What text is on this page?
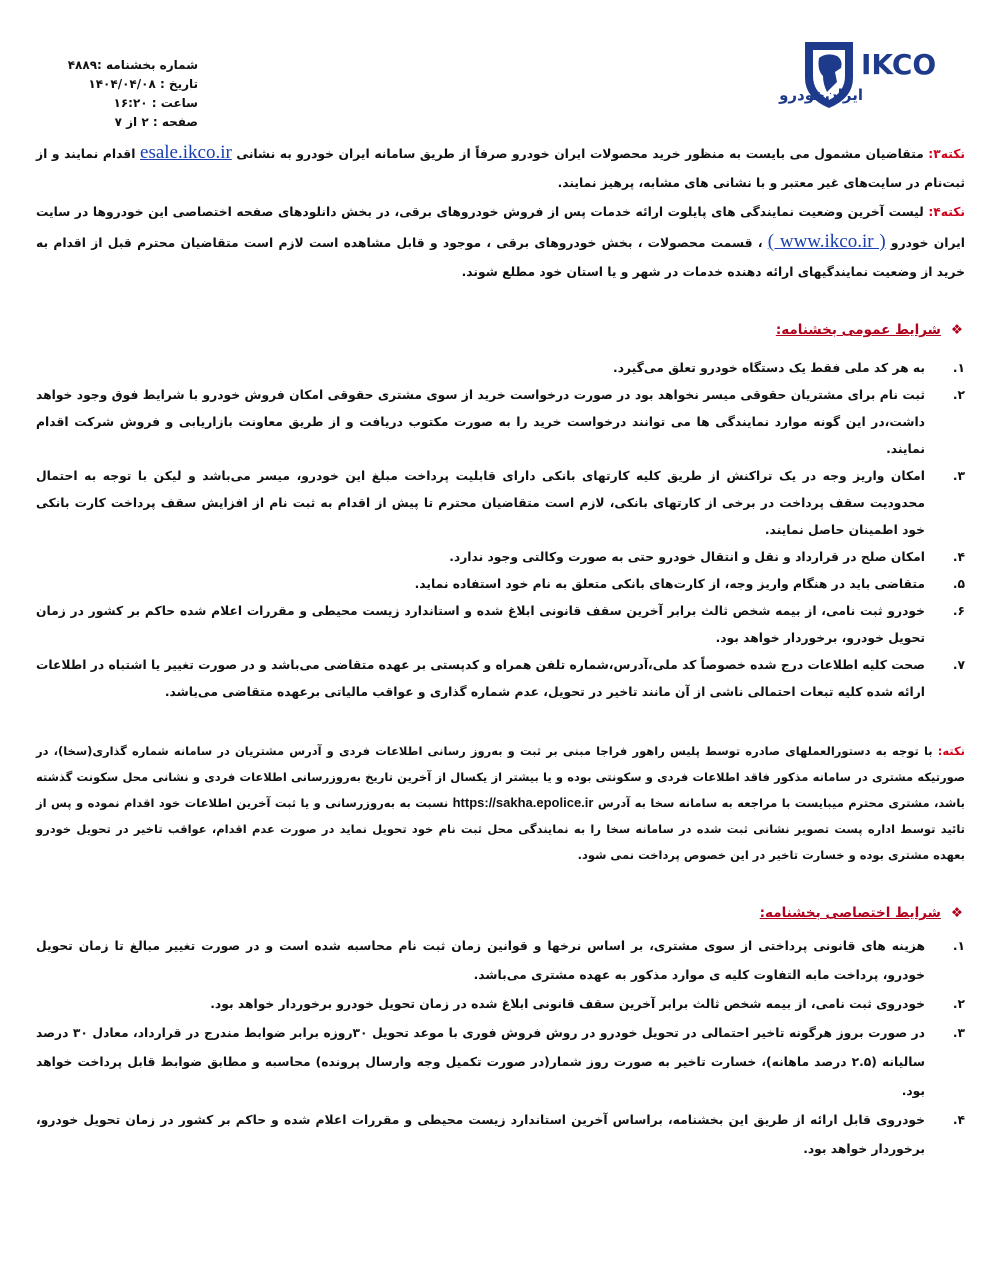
IKCO
ایران‌خودرو
شماره بخشنامه :۴۸۸۹
تاریخ : ۱۴۰۴/۰۴/۰۸
ساعت : ۱۶:۲۰
صفحه : ۲ از ۷
نکته۳: متقاضیان مشمول می بایست به منظور خرید محصولات ایران خودرو صرفاً از طریق سامانه ایران خودرو به نشانی esale.ikco.ir اقدام نمایند و از ثبت‌نام در سایت‌های غیر معتبر و با نشانی های مشابه، پرهیز نمایند.
نکته۴: لیست آخرین وضعیت نمایندگی های پایلوت ارائه خدمات پس از فروش خودروهای برقی، در بخش دانلودهای صفحه اختصاصی این خودروها در سایت ایران خودرو ( www.ikco.ir ) ، قسمت محصولات ، بخش خودروهای برقی ، موجود و قابل مشاهده است لازم است متقاضیان محترم قبل از اقدام به خرید از وضعیت نمایندگیهای ارائه دهنده خدمات در شهر و یا استان خود مطلع شوند.
❖شرایط عمومی بخشنامه:
۱.
به هر کد ملی فقط یک دستگاه خودرو تعلق می‌گیرد.
۲.
ثبت نام برای مشتریان حقوقی میسر نخواهد بود در صورت درخواست خرید از سوی مشتری حقوقی امکان فروش خودرو با شرایط فوق وجود خواهد داشت،در این گونه موارد نمایندگی ها می توانند درخواست خرید را به صورت مکتوب دریافت و از طریق معاونت بازاریابی و فروش شرکت اقدام نمایند.
۳.
امکان واریز وجه در یک تراکنش از طریق کلیه کارتهای بانکی دارای قابلیت پرداخت مبلغ این خودرو، میسر می‌باشد و لیکن با توجه به احتمال محدودیت سقف پرداخت در برخی از کارتهای بانکی، لازم است متقاضیان محترم تا پیش از اقدام به ثبت نام از افزایش سقف پرداخت کارت بانکی خود اطمینان حاصل نمایند.
۴.
امکان صلح در قرارداد و نقل و انتقال خودرو حتی به صورت وکالتی وجود ندارد.
۵.
متقاضی باید در هنگام واریز وجه، از کارت‌های بانکی متعلق به نام خود استفاده نماید.
۶.
خودرو ثبت نامی، از بیمه شخص ثالث برابر آخرین سقف قانونی ابلاغ شده و استاندارد زیست محیطی و مقررات اعلام شده حاکم بر کشور در زمان تحویل خودرو، برخوردار خواهد بود.
۷.
صحت کلیه اطلاعات درج شده خصوصاً کد ملی،آدرس،شماره تلفن همراه و کدپستی بر عهده متقاضی می‌باشد و در صورت تغییر یا اشتباه در اطلاعات ارائه شده کلیه تبعات احتمالی ناشی از آن مانند تاخیر در تحویل، عدم شماره گذاری و عواقب مالیاتی برعهده متقاضی می‌باشد.
نکته: با توجه به دستورالعملهای صادره توسط پلیس راهور فراجا مبنی بر ثبت و به‌روز رسانی اطلاعات فردی و آدرس مشتریان در سامانه شماره گذاری(سخا)، در صورتیکه مشتری در سامانه مذکور فاقد اطلاعات فردی و سکونتی بوده و یا بیشتر از یکسال از آخرین تاریخ به‌روزرسانی اطلاعات فردی و نشانی محل سکونت گذشته باشد، مشتری محترم میبایست با مراجعه به سامانه سخا به آدرس https://sakha.epolice.ir نسبت به به‌روزرسانی و یا ثبت آخرین اطلاعات خود اقدام نموده و پس از تائید توسط اداره پست تصویر نشانی ثبت شده در سامانه سخا را به نمایندگی محل ثبت نام خود تحویل نماید در صورت عدم اقدام، عواقب تاخیر در تحویل خودرو بعهده مشتری بوده و خسارت تاخیر در این خصوص پرداخت نمی شود.
❖شرایط اختصاصی بخشنامه:
۱.
هزینه های قانونی پرداختی از سوی مشتری، بر اساس نرخها و قوانین زمان ثبت نام محاسبه شده است و در صورت تغییر مبالغ تا زمان تحویل خودرو، پرداخت مابه التفاوت کلیه ی موارد مذکور به عهده مشتری می‌باشد.
۲.
خودروی ثبت نامی، از بیمه شخص ثالث برابر آخرین سقف قانونی ابلاغ شده در زمان تحویل خودرو برخوردار خواهد بود.
۳.
در صورت بروز هرگونه تاخیر احتمالی در تحویل خودرو در روش فروش فوری با موعد تحویل ۳۰روزه برابر ضوابط مندرج در قرارداد، معادل ۳۰ درصد سالیانه (۲.۵ درصد ماهانه)، خسارت تاخیر به صورت روز شمار(در صورت تکمیل وجه وارسال پرونده) محاسبه و مطابق ضوابط قابل پرداخت خواهد بود.
۴.
خودروی قابل ارائه از طریق این بخشنامه، براساس آخرین استاندارد زیست محیطی و مقررات اعلام شده و حاکم بر کشور در زمان تحویل خودرو، برخوردار خواهد بود.
